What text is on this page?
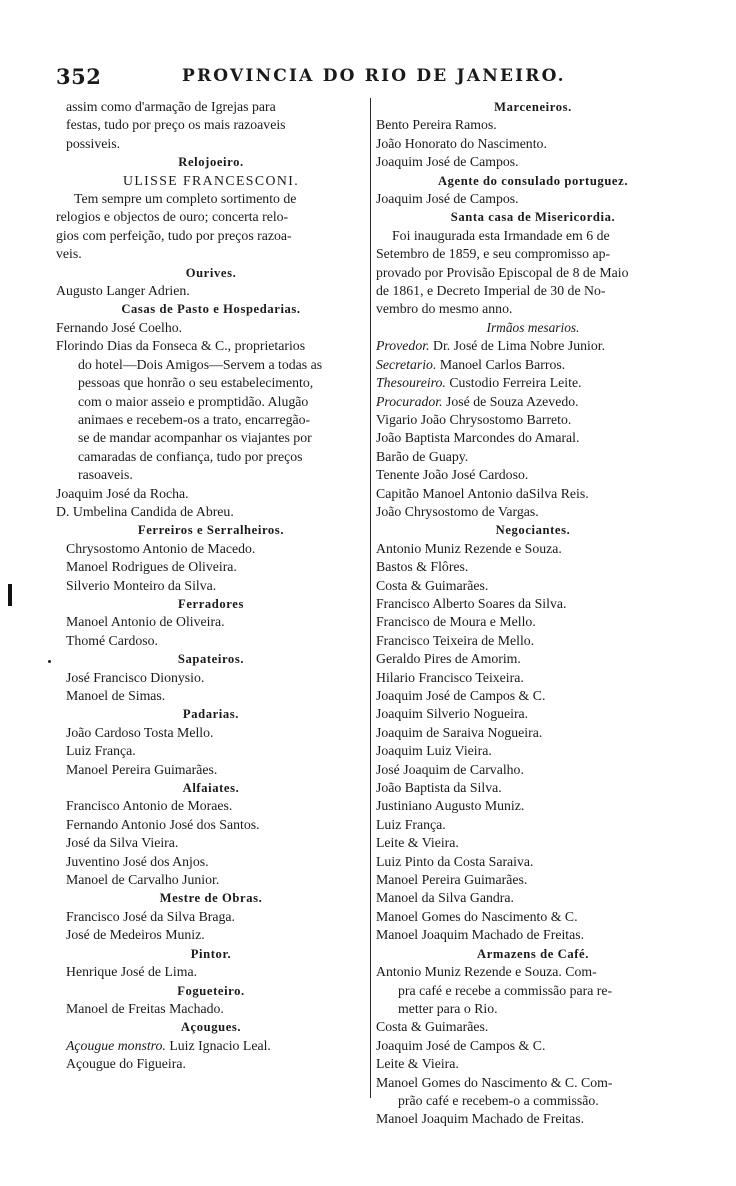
352	PROVINCIA DO RIO DE JANEIRO.
assim como d'armação de Igrejas para
festas, tudo por preço os mais razoaveis
possiveis.
Relojoeiro.
ULISSE FRANCESCONI.
Tem sempre um completo sortimento de
relogios e objectos de ouro; concerta relo-
gios com perfeição, tudo por preços razoa-
veis.
Ourives.
Augusto Langer Adrien.
Casas de Pasto e Hospedarias.
Fernando José Coelho.
Florindo Dias da Fonseca & C., proprietarios
do hotel—Dois Amigos—Servem a todas as
pessoas que honrão o seu estabelecimento,
com o maior asseio e promptidão. Alugão
animaes e recebem-os a trato, encarregão-
se de mandar acompanhar os viajantes por
camaradas de confiança, tudo por preços
rasoaveis.
Joaquim José da Rocha.
D. Umbelina Candida de Abreu.
Ferreiros e Serralheiros.
Chrysostomo Antonio de Macedo.
Manoel Rodrigues de Oliveira.
Silverio Monteiro da Silva.
Ferradores
Manoel Antonio de Oliveira.
Thomé Cardoso.
Sapateiros.
José Francisco Dionysio.
Manoel de Simas.
Padarias.
João Cardoso Tosta Mello.
Luiz França.
Manoel Pereira Guimarães.
Alfaiates.
Francisco Antonio de Moraes.
Fernando Antonio José dos Santos.
José da Silva Vieira.
Juventino José dos Anjos.
Manoel de Carvalho Junior.
Mestre de Obras.
Francisco José da Silva Braga.
José de Medeiros Muniz.
Pintor.
Henrique José de Lima.
Fogueteiro.
Manoel de Freitas Machado.
Açougues.
Açougue monstro. Luiz Ignacio Leal.
Açougue do Figueira.
Marceneiros.
Bento Pereira Ramos.
João Honorato do Nascimento.
Joaquim José de Campos.
Agente do consulado portuguez.
Joaquim José de Campos.
Santa casa de Misericordia.
Foi inaugurada esta Irmandade em 6 de
Setembro de 1859, e seu compromisso ap-
provado por Provisão Episcopal de 8 de Maio
de 1861, e Decreto Imperial de 30 de No-
vembro do mesmo anno.
Irmãos mesarios.
Provedor. Dr. José de Lima Nobre Junior.
Secretario. Manoel Carlos Barros.
Thesoureiro. Custodio Ferreira Leite.
Procurador. José de Souza Azevedo.
Vigario João Chrysostomo Barreto.
João Baptista Marcondes do Amaral.
Barão de Guapy.
Tenente João José Cardoso.
Capitão Manoel Antonio daSilva Reis.
João Chrysostomo de Vargas.
Negociantes.
Antonio Muniz Rezende e Souza.
Bastos & Flôres.
Costa & Guimarães.
Francisco Alberto Soares da Silva.
Francisco de Moura e Mello.
Francisco Teixeira de Mello.
Geraldo Pires de Amorim.
Hilario Francisco Teixeira.
Joaquim José de Campos & C.
Joaquim Silverio Nogueira.
Joaquim de Saraiva Nogueira.
Joaquim Luiz Vieira.
José Joaquim de Carvalho.
João Baptista da Silva.
Justiniano Augusto Muniz.
Luiz França.
Leite & Vieira.
Luiz Pinto da Costa Saraiva.
Manoel Pereira Guimarães.
Manoel da Silva Gandra.
Manoel Gomes do Nascimento & C.
Manoel Joaquim Machado de Freitas.
Armazens de Café.
Antonio Muniz Rezende e Souza. Com-
pra café e recebe a commissão para re-
metter para o Rio.
Costa & Guimarães.
Joaquim José de Campos & C.
Leite & Vieira.
Manoel Gomes do Nascimento & C. Com-
prão café e recebem-o a commissão.
Manoel Joaquim Machado de Freitas.
